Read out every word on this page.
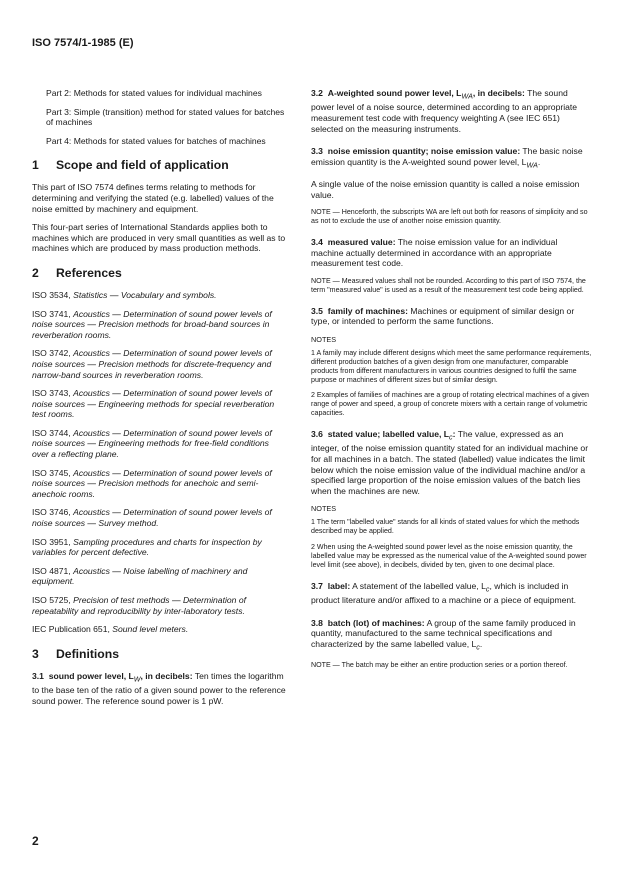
ISO 7574/1-1985 (E)

Part 2: Methods for stated values for individual machines

Part 3: Simple (transition) method for stated values for batches of machines

Part 4: Methods for stated values for batches of machines

1	Scope and field of application

This part of ISO 7574 defines terms relating to methods for determining and verifying the stated (e.g. labelled) values of the noise emitted by machinery and equipment.

This four-part series of International Standards applies both to machines which are produced in very small quantities as well as to machines which are produced by mass production methods.

2	References

ISO 3534, Statistics — Vocabulary and symbols.

ISO 3741, Acoustics — Determination of sound power levels of noise sources — Precision methods for broad-band sources in reverberation rooms.

ISO 3742, Acoustics — Determination of sound power levels of noise sources — Precision methods for discrete-frequency and narrow-band sources in reverberation rooms.

ISO 3743, Acoustics — Determination of sound power levels of noise sources — Engineering methods for special reverberation test rooms.

ISO 3744, Acoustics — Determination of sound power levels of noise sources — Engineering methods for free-field conditions over a reflecting plane.

ISO 3745, Acoustics — Determination of sound power levels of noise sources — Precision methods for anechoic and semi-anechoic rooms.

ISO 3746, Acoustics — Determination of sound power levels of noise sources — Survey method.

ISO 3951, Sampling procedures and charts for inspection by variables for percent defective.

ISO 4871, Acoustics — Noise labelling of machinery and equipment.

ISO 5725, Precision of test methods — Determination of repeatability and reproducibility by inter-laboratory tests.

IEC Publication 651, Sound level meters.

3	Definitions

3.1 sound power level, $L_W$, in decibels: Ten times the logarithm to the base ten of the ratio of a given sound power to the reference sound power. The reference sound power is 1 pW.

3.2 A-weighted sound power level, $L_{WA}$, in decibels: The sound power level of a noise source, determined according to an appropriate measurement test code with frequency weighting A (see IEC 651) selected on the measuring instruments.

3.3 noise emission quantity; noise emission value: The basic noise emission quantity is the A-weighted sound power level, $L_{WA}$.

A single value of the noise emission quantity is called a noise emission value.

NOTE — Henceforth, the subscripts WA are left out both for reasons of simplicity and so as not to exclude the use of another noise emission quantity.

3.4 measured value: The noise emission value for an individual machine actually determined in accordance with an appropriate measurement test code.

NOTE — Measured values shall not be rounded. According to this part of ISO 7574, the term "measured value" is used as a result of the measurement test code being applied.

3.5 family of machines: Machines or equipment of similar design or type, or intended to perform the same functions.

NOTES

1 A family may include different designs which meet the same performance requirements, different production batches of a given design from one manufacturer, comparable products from different manufacturers in various countries designed to fulfil the same purpose or machines of different sizes but of similar design.

2 Examples of families of machines are a group of rotating electrical machines of a given range of power and speed, a group of concrete mixers with a certain range of volumetric capacities.

3.6 stated value; labelled value, $L_c$: The value, expressed as an integer, of the noise emission quantity stated for an individual machine or for all machines in a batch. The stated (labelled) value indicates the limit below which the noise emission value of the individual machine and/or a specified large proportion of the noise emission values of the batch lies when the machines are new.

NOTES

1 The term "labelled value" stands for all kinds of stated values for which the methods described may be applied.

2 When using the A-weighted sound power level as the noise emission quantity, the labelled value may be expressed as the numerical value of the A-weighted sound power level limit (see above), in decibels, divided by ten, given to one decimal place.

3.7 label: A statement of the labelled value, $L_c$, which is included in product literature and/or affixed to a machine or a piece of equipment.

3.8 batch (lot) of machines: A group of the same family produced in quantity, manufactured to the same technical specifications and characterized by the same labelled value, $L_c$.

NOTE — The batch may be either an entire production series or a portion thereof.

2
